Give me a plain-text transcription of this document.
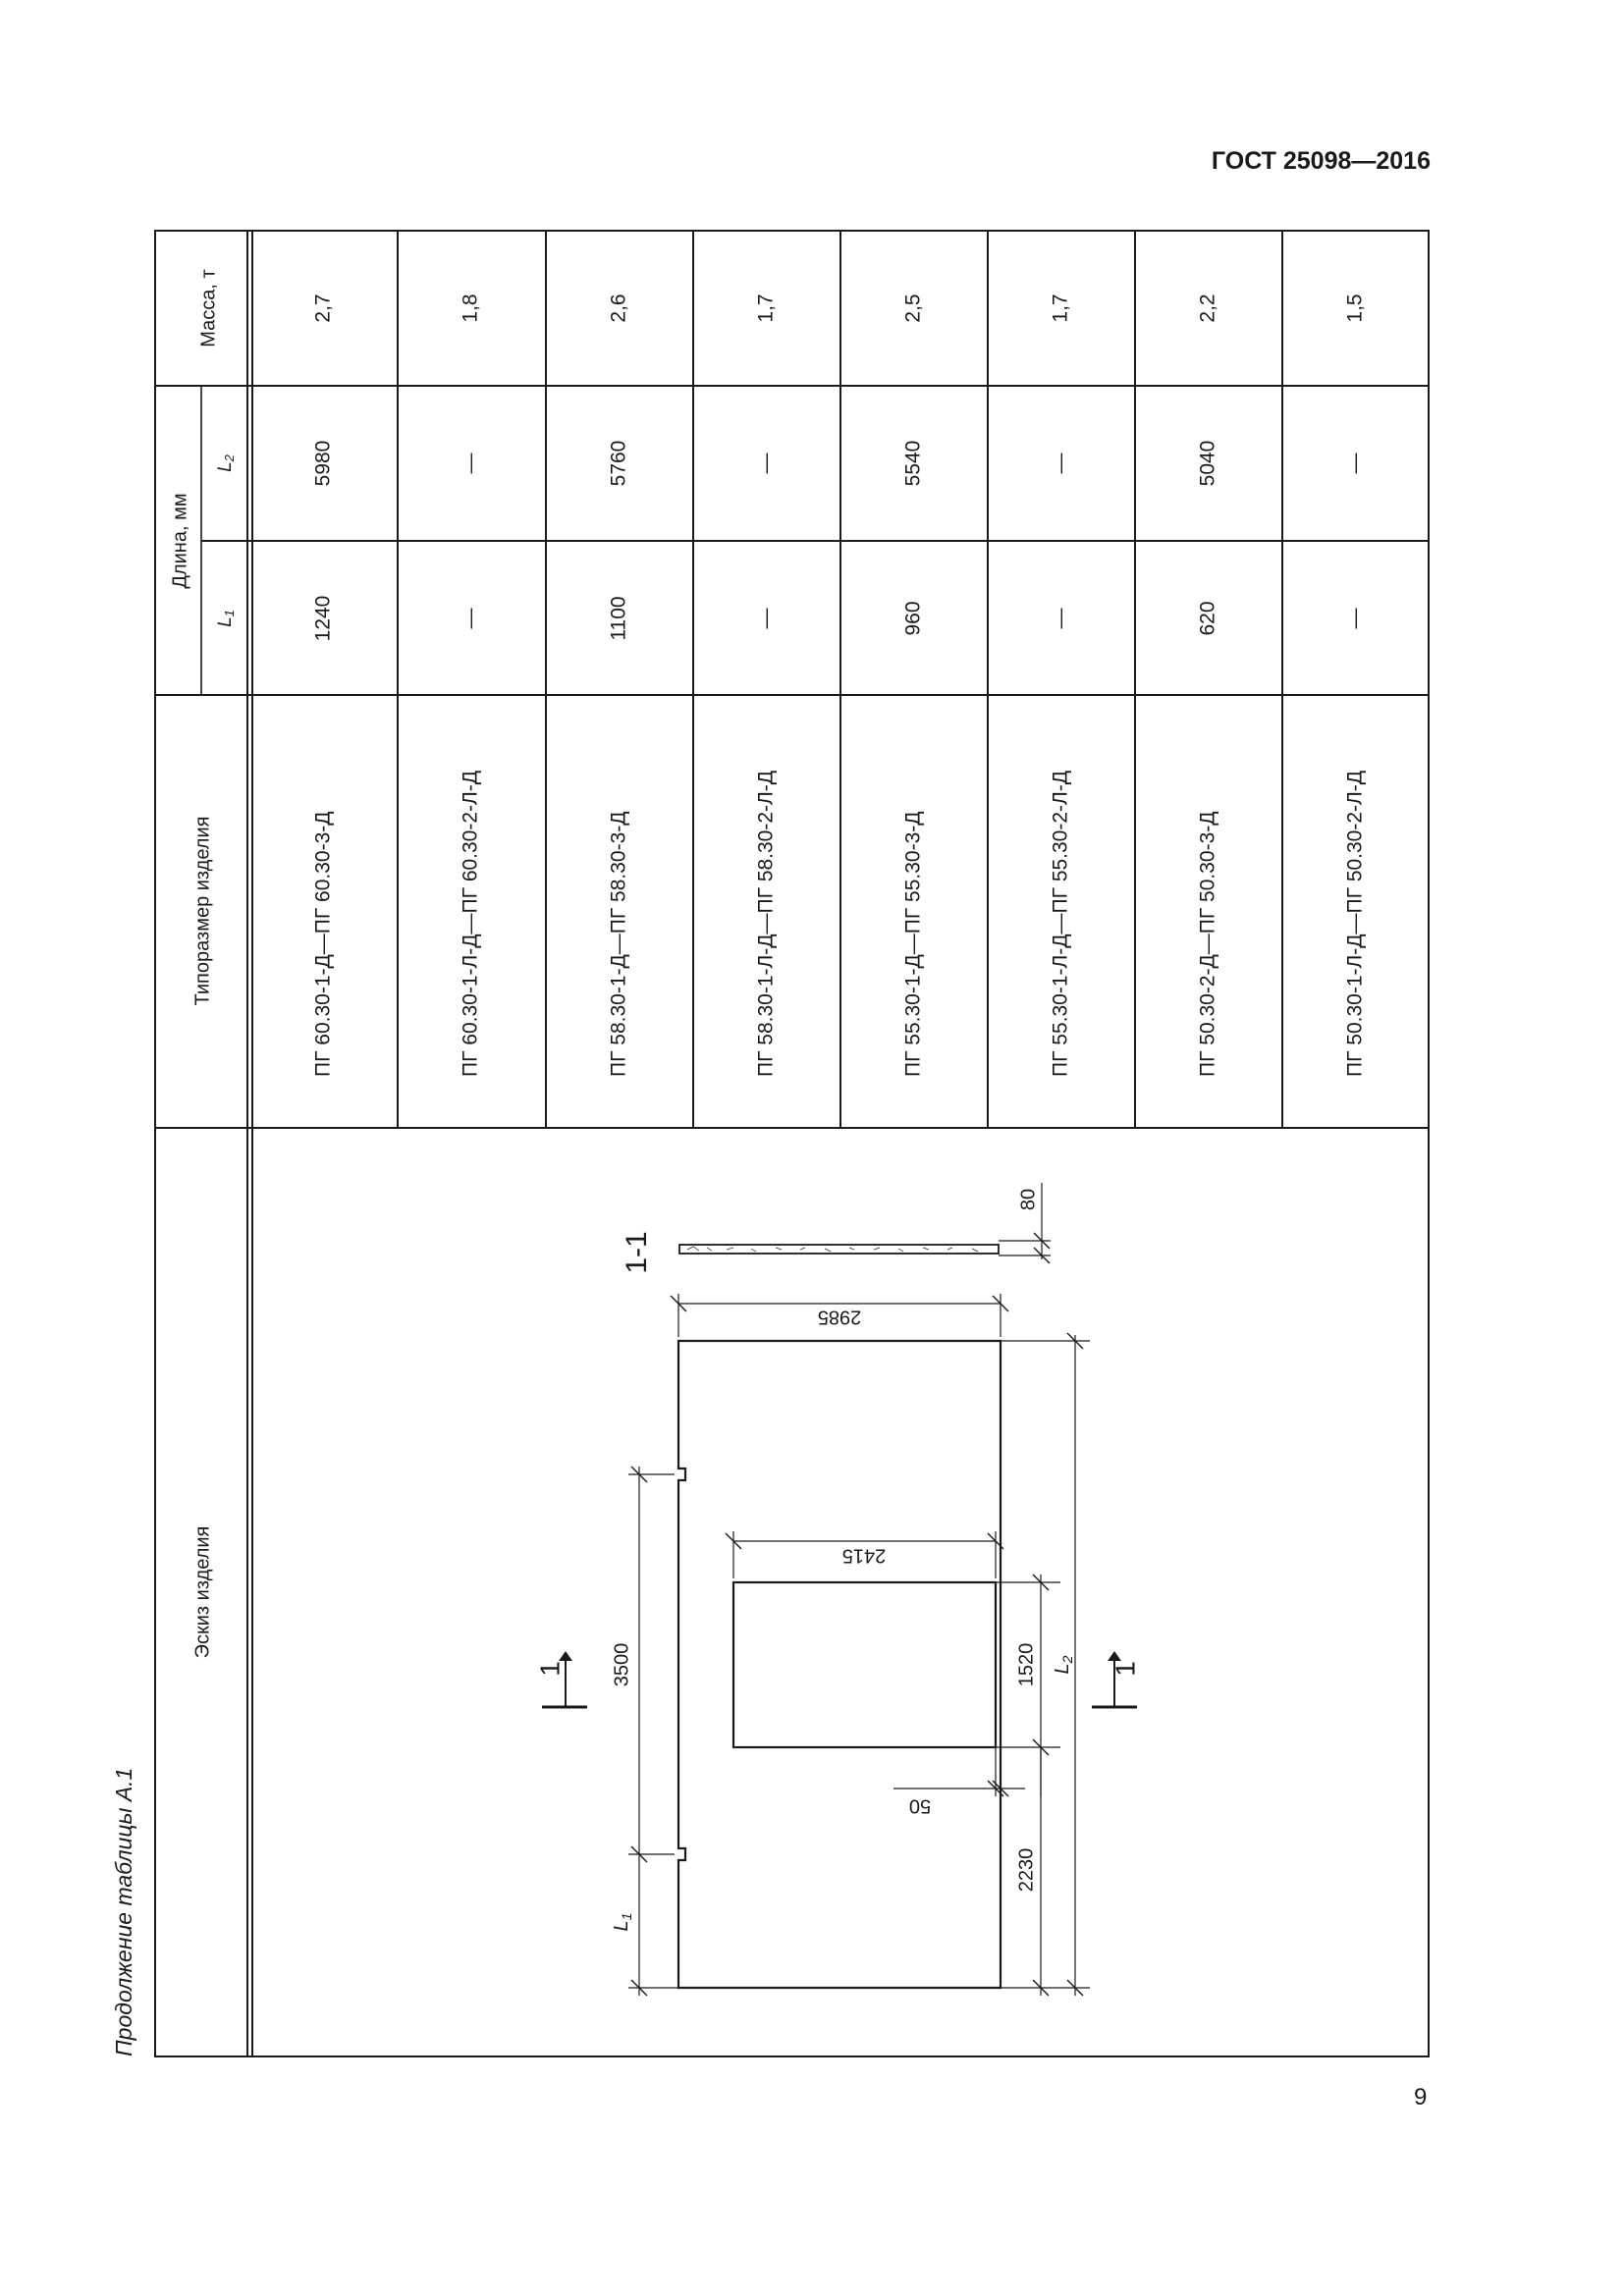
ГОСТ 25098—2016
Продолжение таблицы А.1
9
Масса, т
Длина, мм
$L_2$
$L_1$
Типоразмер изделия
Эскиз изделия
2,7
5980
1240
ПГ 60.30-1-Д—ПГ 60.30-3-Д
1,8
—
—
ПГ 60.30-1-Л-Д—ПГ 60.30-2-Л-Д
2,6
5760
1100
ПГ 58.30-1-Д—ПГ 58.30-3-Д
1,7
—
—
ПГ 58.30-1-Л-Д—ПГ 58.30-2-Л-Д
2,5
5540
960
ПГ 55.30-1-Д—ПГ 55.30-3-Д
1,7
—
—
ПГ 55.30-1-Л-Д—ПГ 55.30-2-Л-Д
2,2
5040
620
ПГ 50.30-2-Д—ПГ 50.30-3-Д
1,5
—
—
ПГ 50.30-1-Л-Д—ПГ 50.30-2-Л-Д
1-1
80
2985
2415
1520
50
2230
$L_2$
3500
$L_1$
1	1
